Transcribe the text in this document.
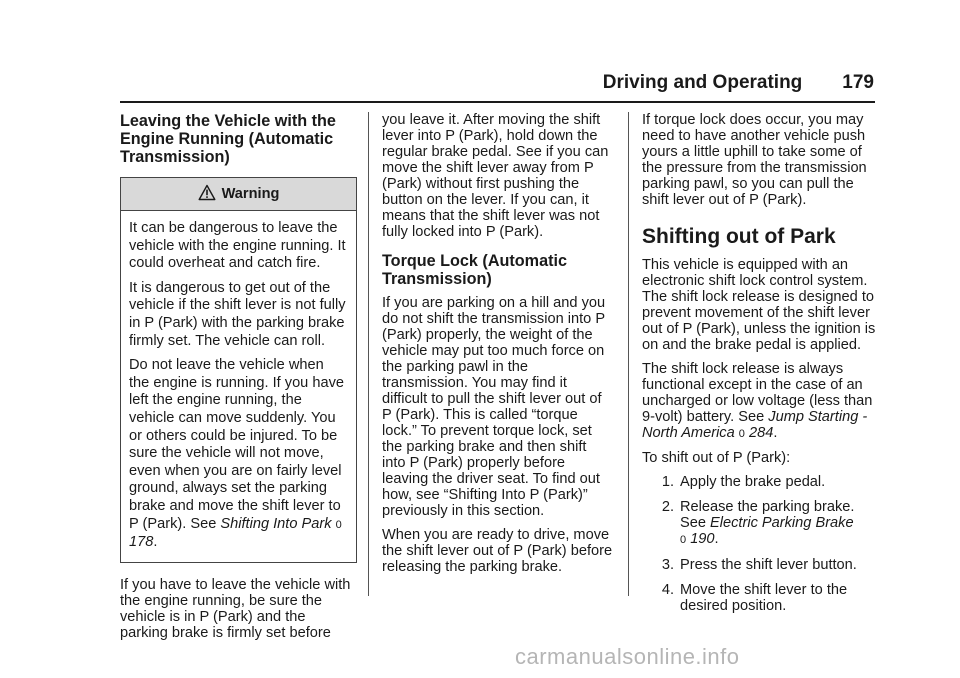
Driving and Operating 179
Leaving the Vehicle with the Engine Running (Automatic Transmission)
Warning

It can be dangerous to leave the vehicle with the engine running. It could overheat and catch fire.

It is dangerous to get out of the vehicle if the shift lever is not fully in P (Park) with the parking brake firmly set. The vehicle can roll.

Do not leave the vehicle when the engine is running. If you have left the engine running, the vehicle can move suddenly. You or others could be injured. To be sure the vehicle will not move, even when you are on fairly level ground, always set the parking brake and move the shift lever to P (Park). See Shifting Into Park 0 178.

If you have to leave the vehicle with the engine running, be sure the vehicle is in P (Park) and the parking brake is firmly set before

you leave it. After moving the shift lever into P (Park), hold down the regular brake pedal. See if you can move the shift lever away from P (Park) without first pushing the button on the lever. If you can, it means that the shift lever was not fully locked into P (Park).

Torque Lock (Automatic Transmission)

If you are parking on a hill and you do not shift the transmission into P (Park) properly, the weight of the vehicle may put too much force on the parking pawl in the transmission. You may find it difficult to pull the shift lever out of P (Park). This is called “torque lock.” To prevent torque lock, set the parking brake and then shift into P (Park) properly before leaving the driver seat. To find out how, see “Shifting Into P (Park)” previously in this section.

When you are ready to drive, move the shift lever out of P (Park) before releasing the parking brake.

If torque lock does occur, you may need to have another vehicle push yours a little uphill to take some of the pressure from the transmission parking pawl, so you can pull the shift lever out of P (Park).

Shifting out of Park

This vehicle is equipped with an electronic shift lock control system. The shift lock release is designed to prevent movement of the shift lever out of P (Park), unless the ignition is on and the brake pedal is applied.

The shift lock release is always functional except in the case of an uncharged or low voltage (less than 9-volt) battery. See Jump Starting - North America 0 284.

To shift out of P (Park):

1. Apply the brake pedal.
2. Release the parking brake. See Electric Parking Brake
0 190.
3. Press the shift lever button.
4. Move the shift lever to the desired position.
carmanualsonline.info
